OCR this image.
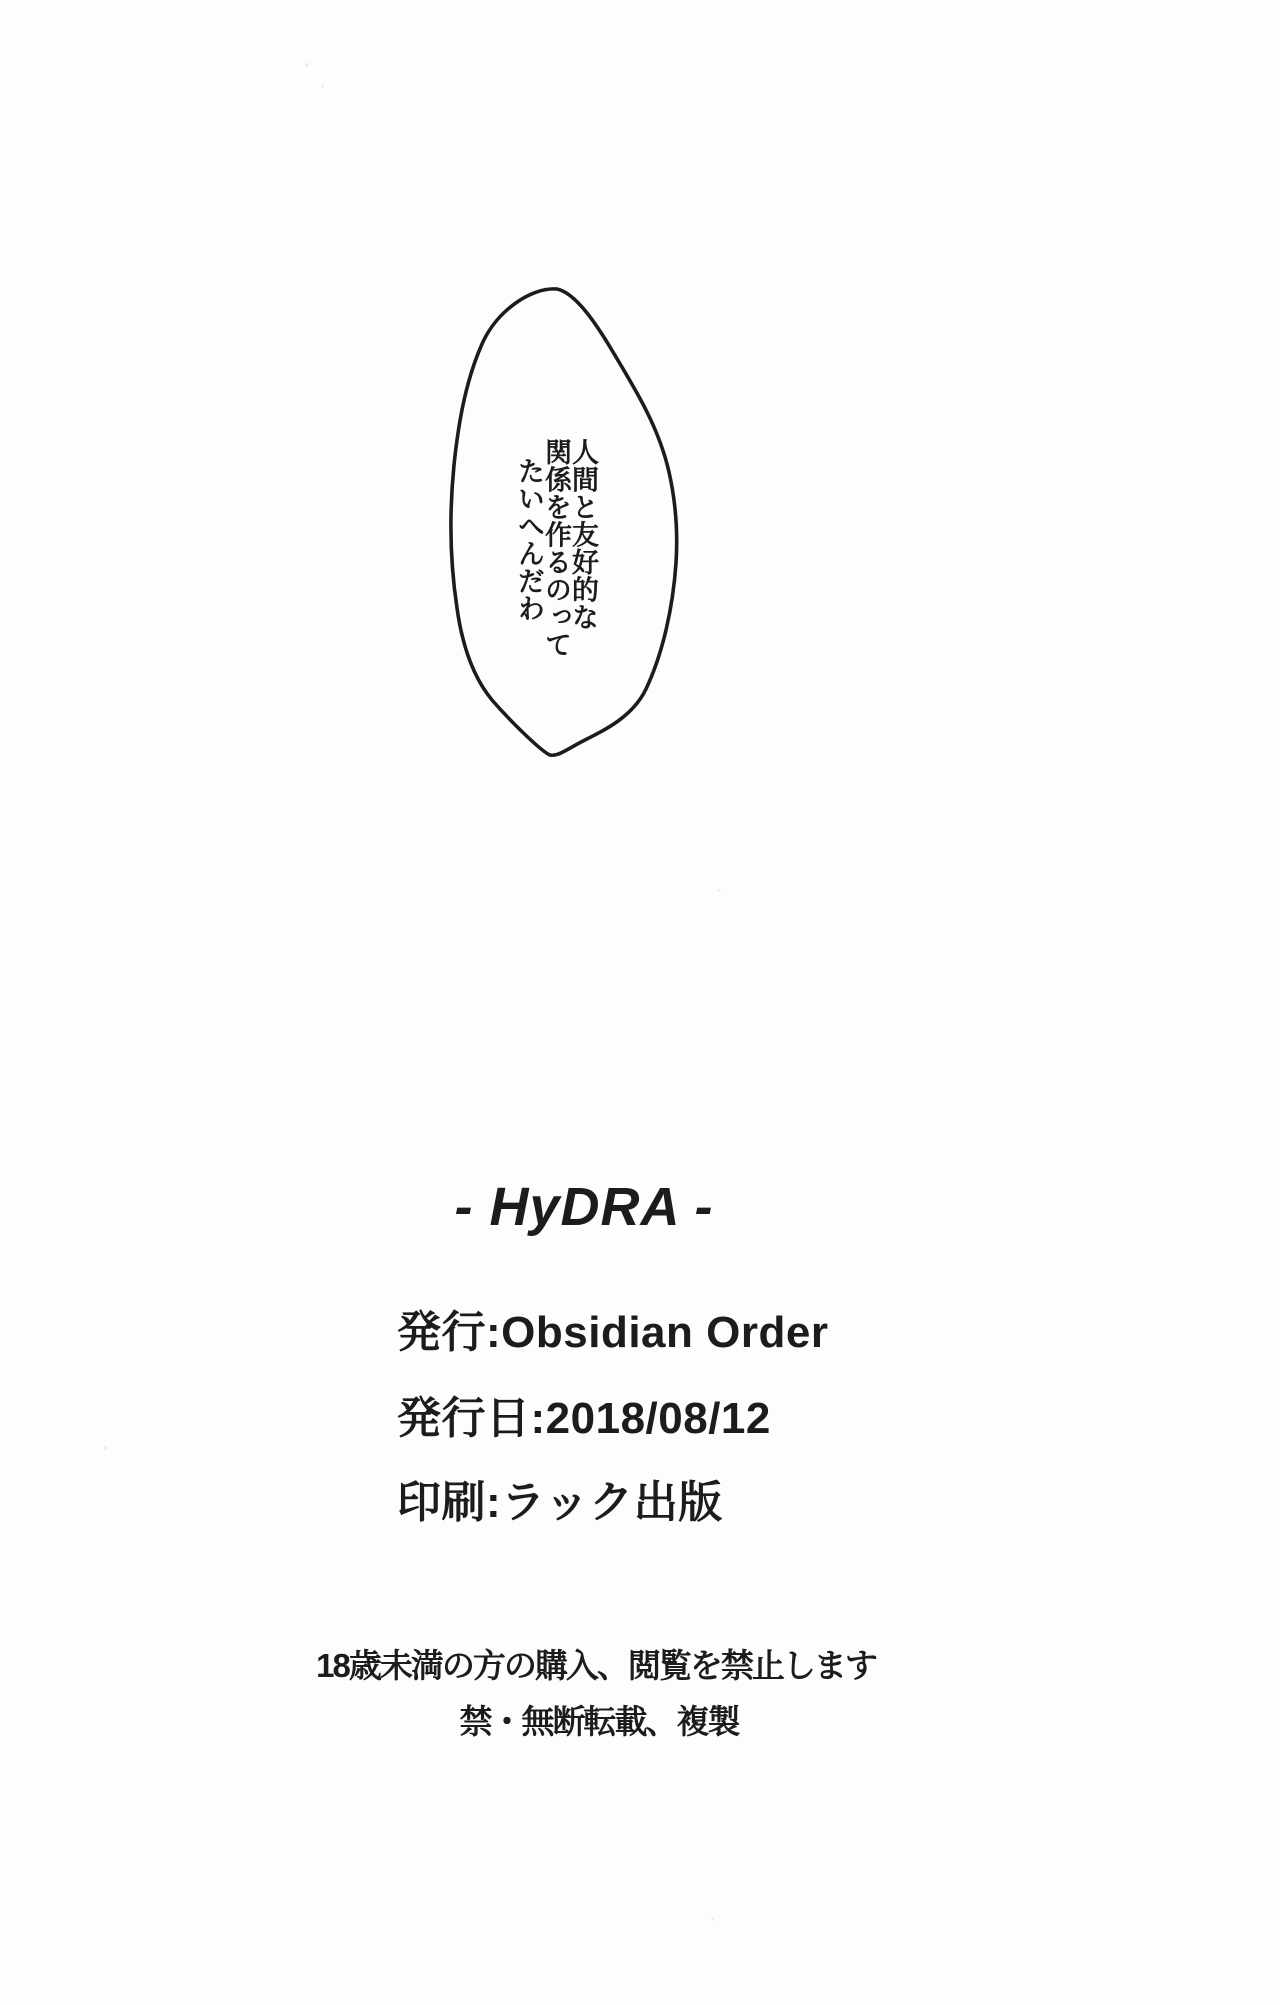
人間と友好的な
関係を作るのって
たいへんだわ
- HyDRA -
発行:Obsidian Order
発行日:2018/08/12
印刷:ラック出版
18歳未満の方の購入、閲覧を禁止します
禁・無断転載、複製
